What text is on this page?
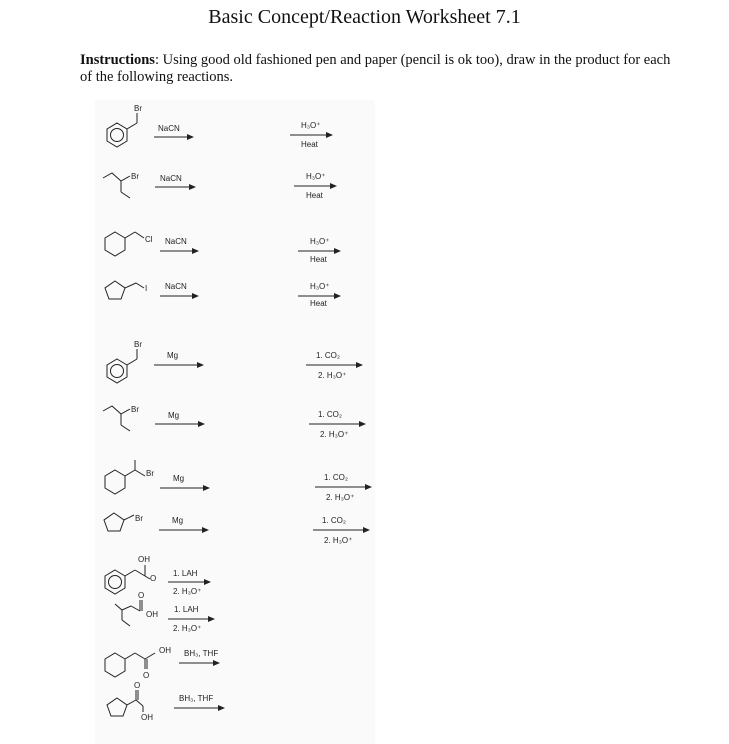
Basic Concept/Reaction Worksheet 7.1
Instructions: Using good old fashioned pen and paper (pencil is ok too), draw in the product for each of the following reactions.
Br
NaCN	H₃O⁺
Heat
Br	NaCN	H₃O⁺
Heat
Cl NaCN	H₃O⁺
Heat
I NaCN	H₃O⁺
Heat
Br
Mg	1. CO₂
2. H₃O⁺
Br
Mg	1. CO₂
2. H₃O⁺
Br
Mg	1. CO₂
2. H₃O⁺
Br	Mg	1. CO₂
2. H₃O⁺
OH
O
1. LAH
2. H₃O⁺
O
OH
1. LAH
2. H₃O⁺
OH
O
BH₃, THF
O
OH
BH₃, THF
